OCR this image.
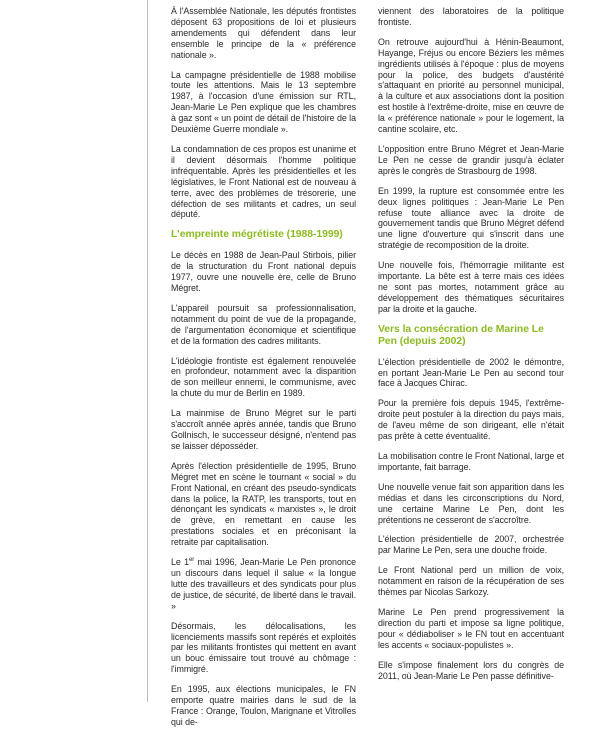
À l'Assemblée Nationale, les députés frontistes déposent 63 propositions de loi et plusieurs amendements qui défendent dans leur ensemble le principe de la « préférence nationale ».

La campagne présidentielle de 1988 mobilise toute les attentions. Mais le 13 septembre 1987, à l'occasion d'une émission sur RTL, Jean-Marie Le Pen explique que les chambres à gaz sont « un point de détail de l'histoire de la Deuxième Guerre mondiale ».

La condamnation de ces propos est unanime et il devient désormais l'homme politique infréquentable. Après les présidentielles et les législatives, le Front National est de nouveau à terre, avec des problèmes de trésorerie, une défection de ses militants et cadres, un seul député.

L'empreinte mégrétiste (1988-1999)

Le décès en 1988 de Jean-Paul Stirbois, pilier de la structuration du Front national depuis 1977, ouvre une nouvelle ère, celle de Bruno Mégret.

L'appareil poursuit sa professionnalisation, notamment du point de vue de la propagande, de l'argumentation économique et scientifique et de la formation des cadres militants.

L'idéologie frontiste est également renouvelée en profondeur, notamment avec la disparition de son meilleur ennemi, le communisme, avec la chute du mur de Berlin en 1989.

La mainmise de Bruno Mégret sur le parti s'accroît année après année, tandis que Bruno Gollnisch, le successeur désigné, n'entend pas se laisser déposséder.

Après l'élection présidentielle de 1995, Bruno Mégret met en scène le tournant « social » du Front National, en créant des pseudo-syndicats dans la police, la RATP, les transports, tout en dénonçant les syndicats « marxistes », le droit de grève, en remettant en cause les prestations sociales et en préconisant la retraite par capitalisation.

Le 1er mai 1996, Jean-Marie Le Pen prononce un discours dans lequel il salue « la longue lutte des travailleurs et des syndicats pour plus de justice, de sécurité, de liberté dans le travail. »

Désormais, les délocalisations, les licenciements massifs sont repérés et exploités par les militants frontistes qui mettent en avant un bouc émissaire tout trouvé au chômage : l'immigré.

En 1995, aux élections municipales, le FN emporte quatre mairies dans le sud de la France : Orange, Toulon, Marignane et Vitrolles qui de-

viennent des laboratoires de la politique frontiste.

On retrouve aujourd'hui à Hénin-Beaumont, Hayange, Fréjus ou encore Béziers les mêmes ingrédients utilisés à l'époque : plus de moyens pour la police, des budgets d'austérité s'attaquant en priorité au personnel municipal, à la culture et aux associations dont la position est hostile à l'extrême-droite, mise en œuvre de la « préférence nationale » pour le logement, la cantine scolaire, etc.

L'opposition entre Bruno Mégret et Jean-Marie Le Pen ne cesse de grandir jusqu'à éclater après le congrès de Strasbourg de 1998.

En 1999, la rupture est consommée entre les deux lignes politiques : Jean-Marie Le Pen refuse toute alliance avec la droite de gouvernement tandis que Bruno Mégret défend une ligne d'ouverture qui s'inscrit dans une stratégie de recomposition de la droite.

Une nouvelle fois, l'hémorragie militante est importante. La bête est à terre mais ces idées ne sont pas mortes, notamment grâce au développement des thématiques sécuritaires par la droite et la gauche.

Vers la consécration de Marine Le Pen (depuis 2002)

L'élection présidentielle de 2002 le démontre, en portant Jean-Marie Le Pen au second tour face à Jacques Chirac.

Pour la première fois depuis 1945, l'extrême-droite peut postuler à la direction du pays mais, de l'aveu même de son dirigeant, elle n'était pas prête à cette éventualité.

La mobilisation contre le Front National, large et importante, fait barrage.

Une nouvelle venue fait son apparition dans les médias et dans les circonscriptions du Nord, une certaine Marine Le Pen, dont les prétentions ne cesseront de s'accroître.

L'élection présidentielle de 2007, orchestrée par Marine Le Pen, sera une douche froide.

Le Front National perd un million de voix, notamment en raison de la récupération de ses thèmes par Nicolas Sarkozy.

Marine Le Pen prend progressivement la direction du parti et impose sa ligne politique, pour « dédiaboliser » le FN tout en accentuant les accents « sociaux-populistes ».

Elle s'impose finalement lors du congrès de 2011, où Jean-Marie Le Pen passe définitive-
